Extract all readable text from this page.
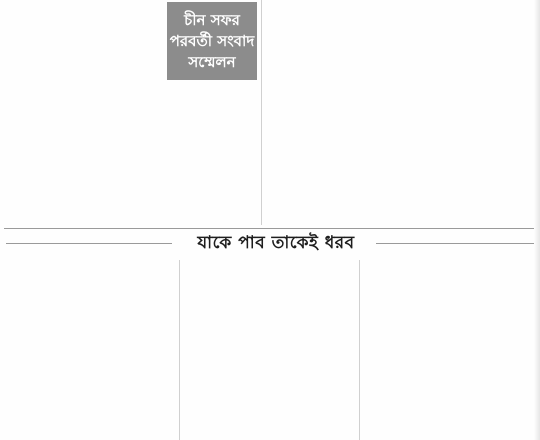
চীন সফর
পরবর্তী সংবাদ
সম্মেলন

যাকে পাব তাকেই ধরব
